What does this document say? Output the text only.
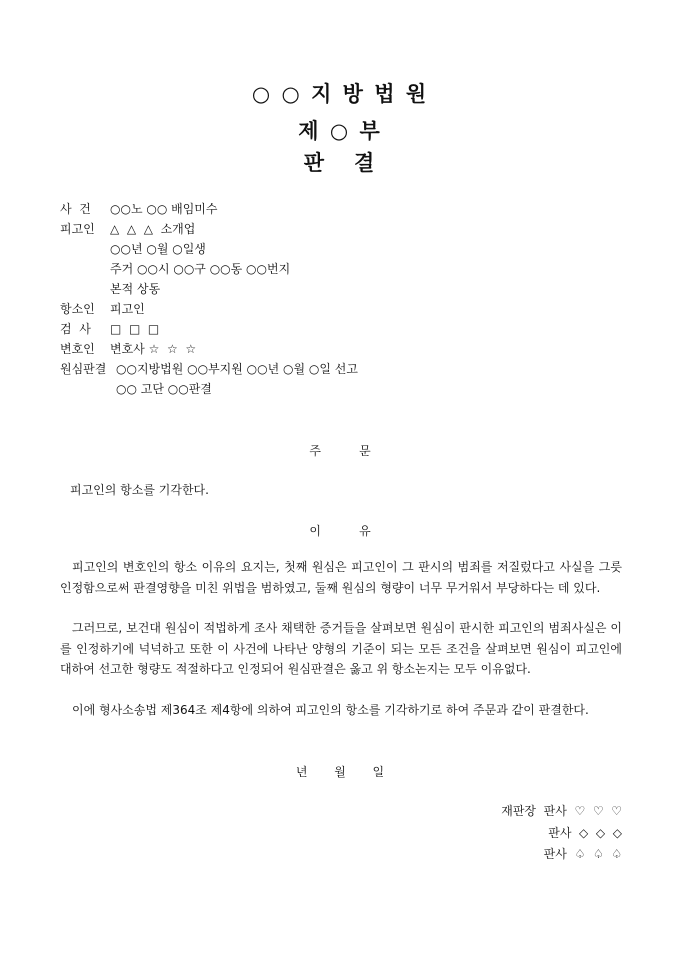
○ ○ 지 방 법 원
제 ○ 부
판   결
사  건 ○○노 ○○ 배임미수
피고인 △  △  △  소개업
○○년 ○월 ○일생
주거 ○○시 ○○구 ○○동 ○○번지
본적 상동
항소인 피고인
검  사 □  □  □
변호인 변호사 ☆  ☆  ☆
원심판결 ○○지방법원 ○○부지원 ○○년 ○월 ○일 선고
○○ 고단 ○○판결
주          문
피고인의 항소를 기각한다.
이          유
피고인의 변호인의 항소 이유의 요지는, 첫째 원심은 피고인이 그 판시의 범죄를 저질렀다고 사실을 그릇 인정함으로써 판결영향을 미친 위법을 범하였고, 둘째 원심의 형량이 너무 무거워서 부당하다는 데 있다.
그러므로, 보건대 원심이 적법하게 조사 채택한 증거들을 살펴보면 원심이 판시한 피고인의 범죄사실은 이를 인정하기에 넉넉하고 또한 이 사건에 나타난 양형의 기준이 되는 모든 조건을 살펴보면 원심이 피고인에 대하여 선고한 형량도 적절하다고 인정되어 원심판결은 옳고 위 항소논지는 모두 이유없다.
이에 형사소송법 제364조 제4항에 의하여 피고인의 항소를 기각하기로 하여 주문과 같이 판결한다.
년       월       일
재판장  판사  ♡  ♡  ♡
판사  ◇  ◇  ◇
판사  ♤  ♤  ♤
